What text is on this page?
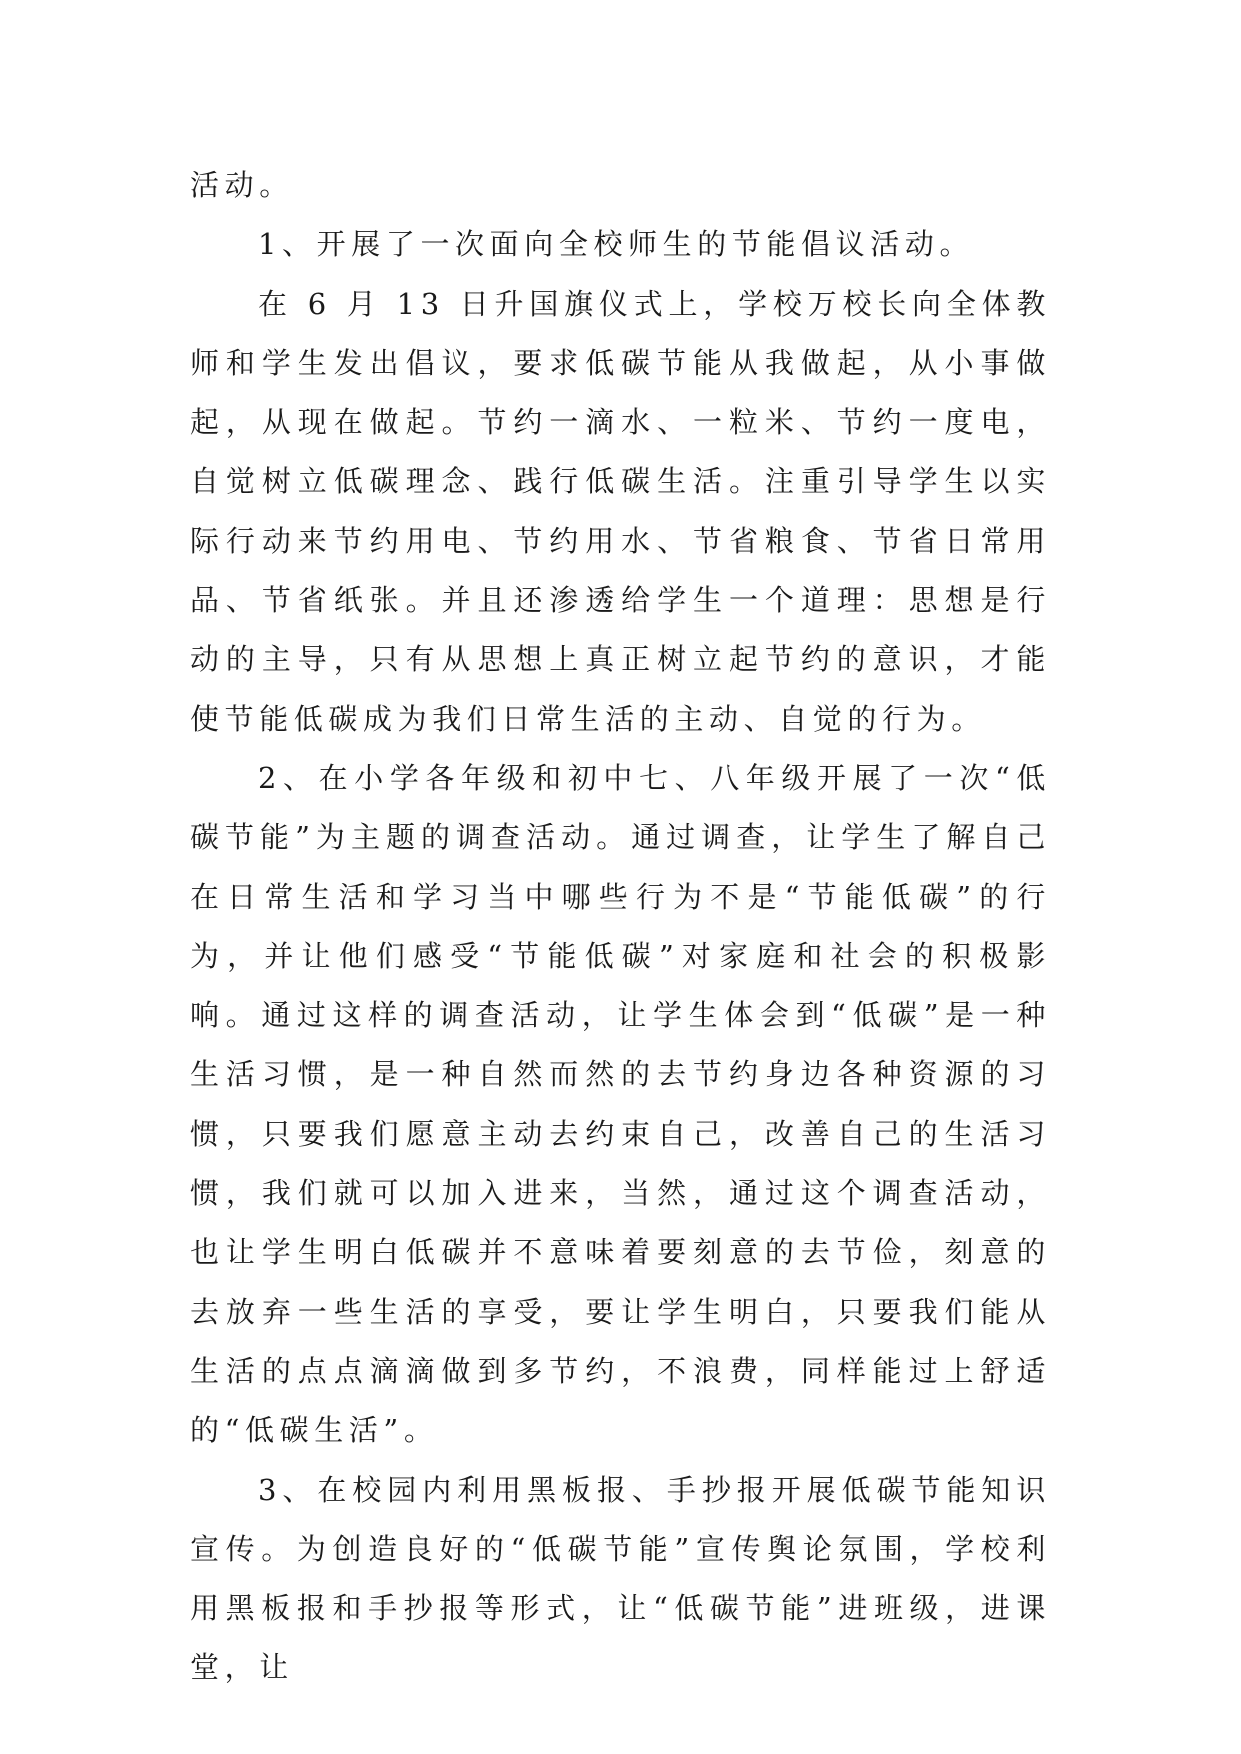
活动。

1、开展了一次面向全校师生的节能倡议活动。

在 6 月 13 日升国旗仪式上，学校万校长向全体教师和学生发出倡议，要求低碳节能从我做起，从小事做起，从现在做起。节约一滴水、一粒米、节约一度电，自觉树立低碳理念、践行低碳生活。注重引导学生以实际行动来节约用电、节约用水、节省粮食、节省日常用品、节省纸张。并且还渗透给学生一个道理：思想是行动的主导，只有从思想上真正树立起节约的意识，才能使节能低碳成为我们日常生活的主动、自觉的行为。

2、在小学各年级和初中七、八年级开展了一次“低碳节能”为主题的调查活动。通过调查，让学生了解自己在日常生活和学习当中哪些行为不是“节能低碳”的行为，并让他们感受“节能低碳”对家庭和社会的积极影响。通过这样的调查活动，让学生体会到“低碳”是一种生活习惯，是一种自然而然的去节约身边各种资源的习惯，只要我们愿意主动去约束自己，改善自己的生活习惯，我们就可以加入进来，当然，通过这个调查活动，也让学生明白低碳并不意味着要刻意的去节俭，刻意的去放弃一些生活的享受，要让学生明白，只要我们能从生活的点点滴滴做到多节约，不浪费，同样能过上舒适的“低碳生活”。

3、在校园内利用黑板报、手抄报开展低碳节能知识宣传。为创造良好的“低碳节能”宣传舆论氛围，学校利用黑板报和手抄报等形式，让“低碳节能”进班级，进课堂，让
